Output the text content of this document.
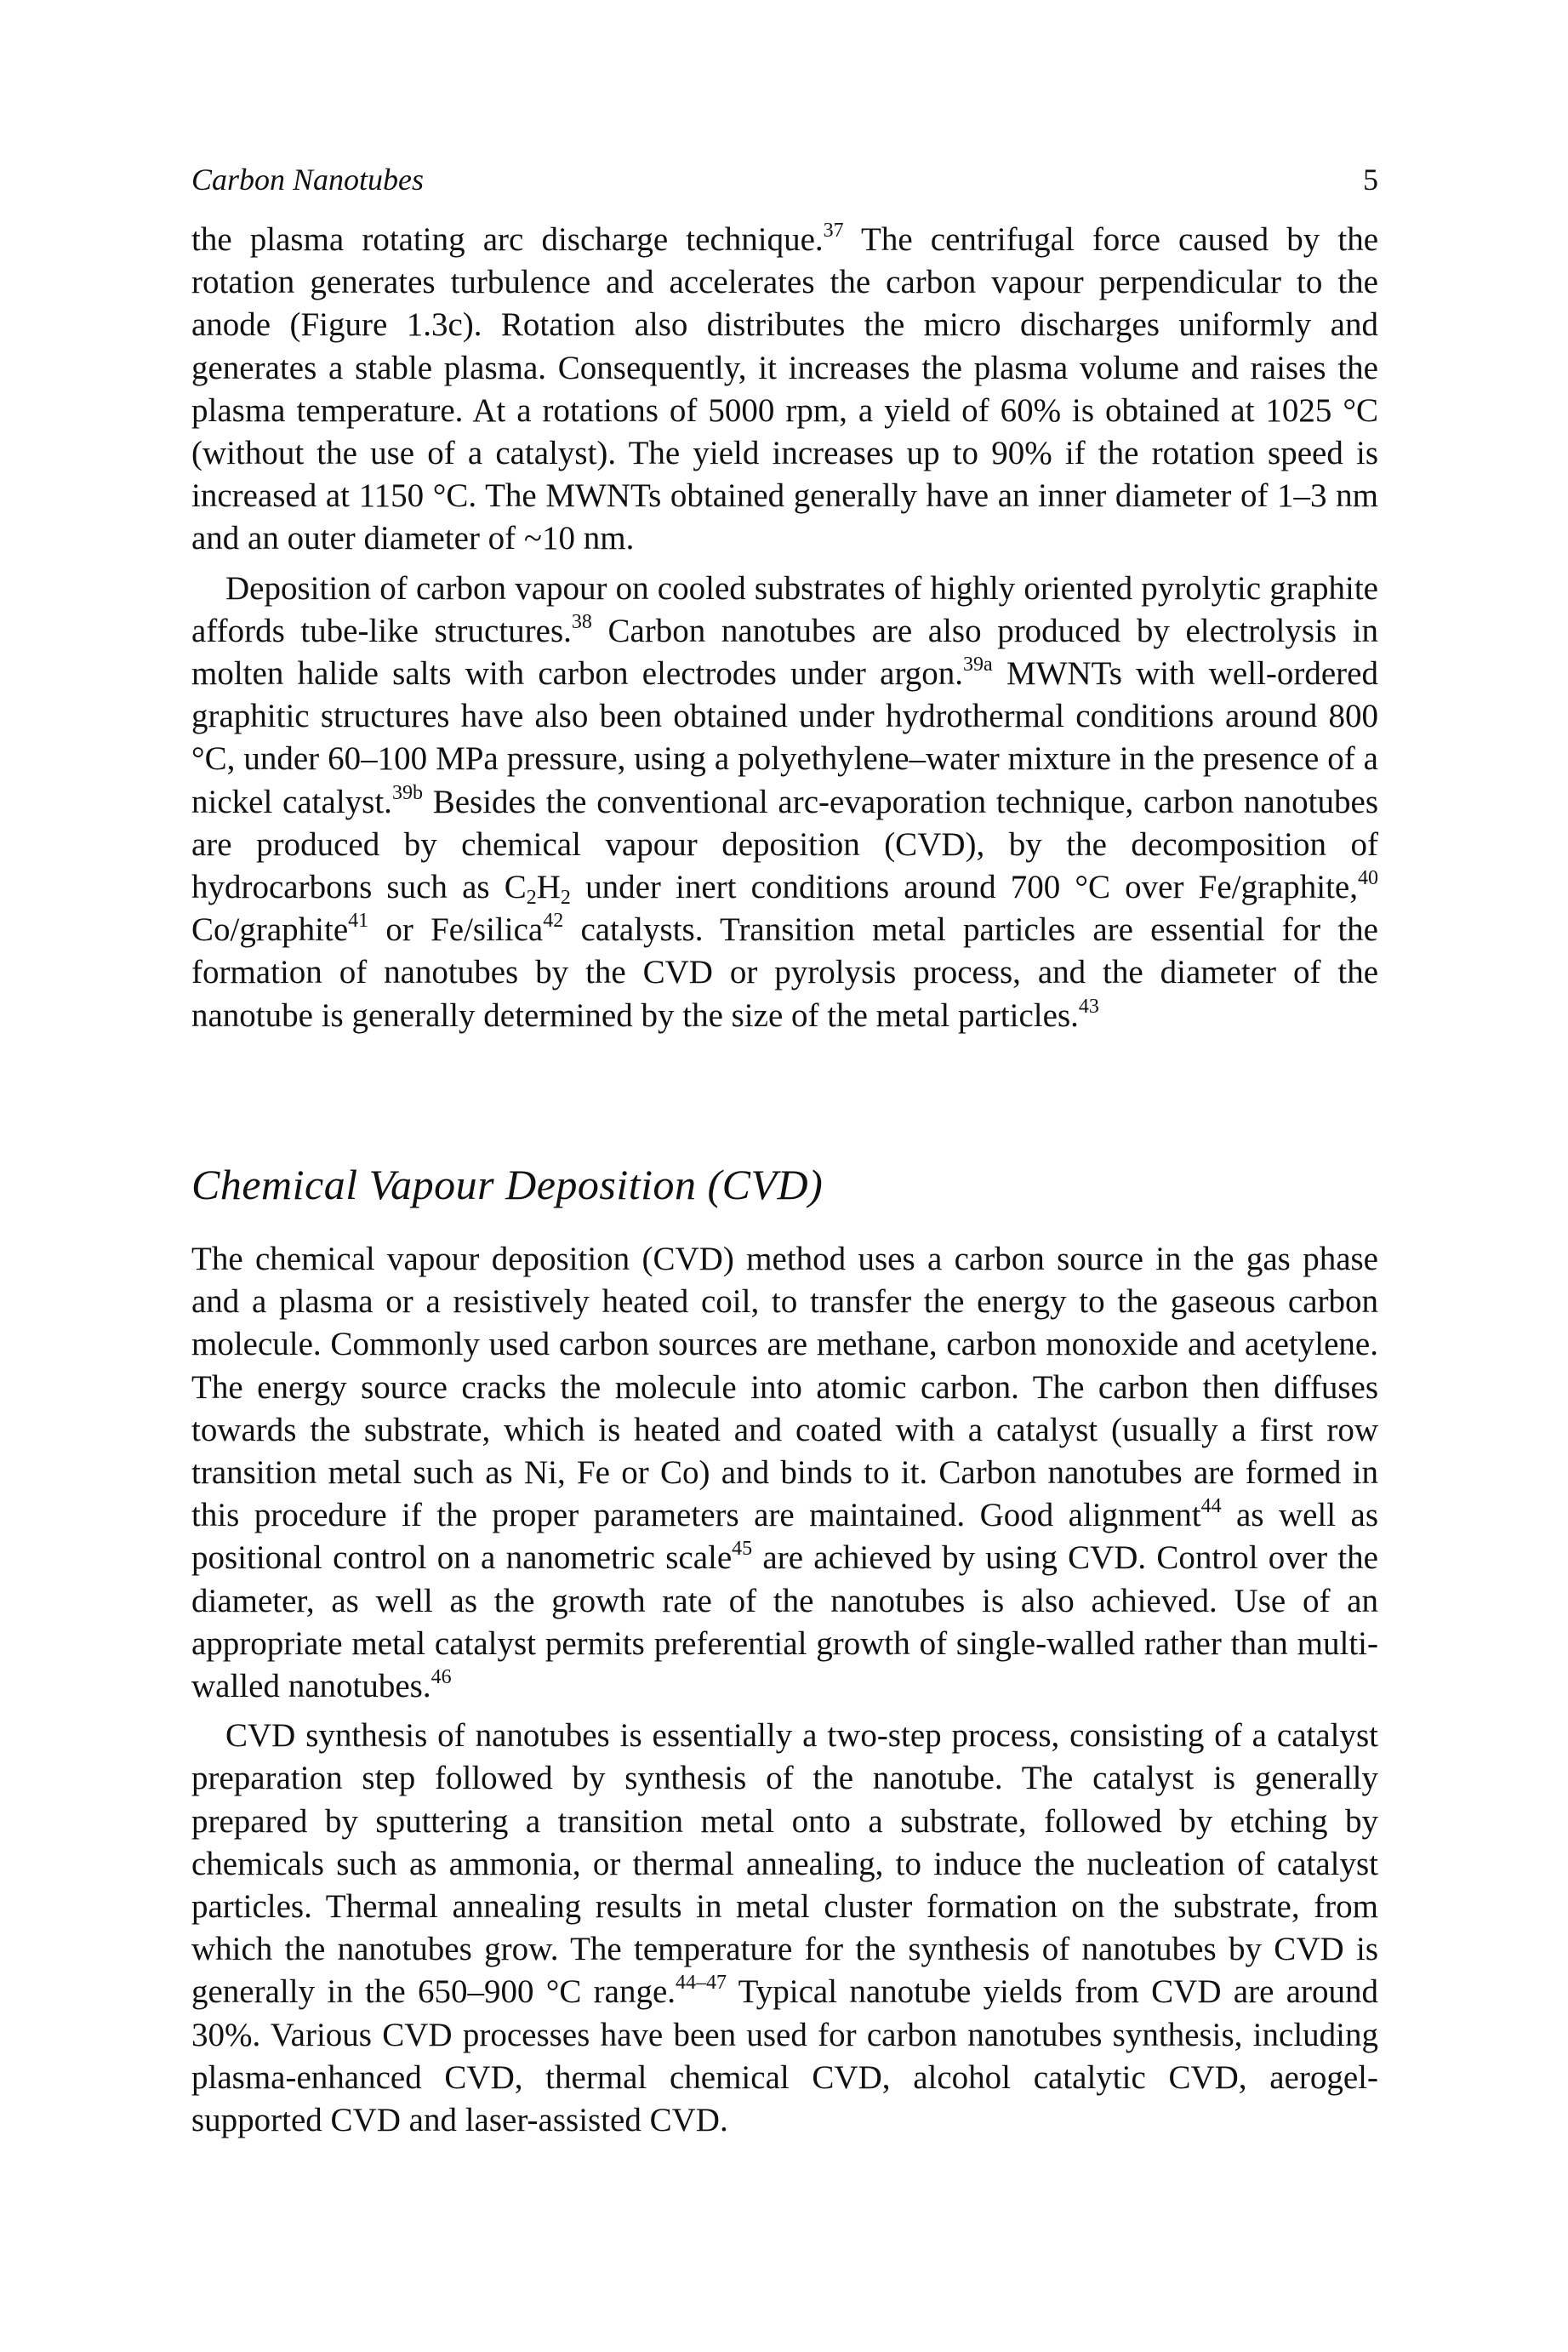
Carbon Nanotubes	5

the plasma rotating arc discharge technique.$^{37}$ The centrifugal force caused by the rotation generates turbulence and accelerates the carbon vapour perpendicular to the anode (Figure 1.3c). Rotation also distributes the micro discharges uniformly and generates a stable plasma. Consequently, it increases the plasma volume and raises the plasma temperature. At a rotations of 5000 rpm, a yield of 60% is obtained at 1025 °C (without the use of a catalyst). The yield increases up to 90% if the rotation speed is increased at 1150 °C. The MWNTs obtained generally have an inner diameter of 1–3 nm and an outer diameter of ~10 nm.

Deposition of carbon vapour on cooled substrates of highly oriented pyrolytic graphite affords tube-like structures.$^{38}$ Carbon nanotubes are also produced by electrolysis in molten halide salts with carbon electrodes under argon.$^{39a}$ MWNTs with well-ordered graphitic structures have also been obtained under hydrothermal conditions around 800 °C, under 60–100 MPa pressure, using a polyethylene–water mixture in the presence of a nickel catalyst.$^{39b}$ Besides the conventional arc-evaporation technique, carbon nanotubes are produced by chemical vapour deposition (CVD), by the decomposition of hydrocarbons such as $C_2H_2$ under inert conditions around 700 °C over Fe/graphite,$^{40}$ Co/graphite$^{41}$ or Fe/silica$^{42}$ catalysts. Transition metal particles are essential for the formation of nanotubes by the CVD or pyrolysis process, and the diameter of the nanotube is generally determined by the size of the metal particles.$^{43}$

Chemical Vapour Deposition (CVD)

The chemical vapour deposition (CVD) method uses a carbon source in the gas phase and a plasma or a resistively heated coil, to transfer the energy to the gaseous carbon molecule. Commonly used carbon sources are methane, carbon monoxide and acetylene. The energy source cracks the molecule into atomic carbon. The carbon then diffuses towards the substrate, which is heated and coated with a catalyst (usually a first row transition metal such as Ni, Fe or Co) and binds to it. Carbon nanotubes are formed in this procedure if the proper parameters are maintained. Good alignment$^{44}$ as well as positional control on a nanometric scale$^{45}$ are achieved by using CVD. Control over the diameter, as well as the growth rate of the nanotubes is also achieved. Use of an appropriate metal catalyst permits preferential growth of single-walled rather than multi-walled nanotubes.$^{46}$

CVD synthesis of nanotubes is essentially a two-step process, consisting of a catalyst preparation step followed by synthesis of the nanotube. The catalyst is generally prepared by sputtering a transition metal onto a substrate, followed by etching by chemicals such as ammonia, or thermal annealing, to induce the nucleation of catalyst particles. Thermal annealing results in metal cluster formation on the substrate, from which the nanotubes grow. The temperature for the synthesis of nanotubes by CVD is generally in the 650–900 °C range.$^{44-47}$ Typical nanotube yields from CVD are around 30%. Various CVD processes have been used for carbon nanotubes synthesis, including plasma-enhanced CVD, thermal chemical CVD, alcohol catalytic CVD, aerogel-supported CVD and laser-assisted CVD.
